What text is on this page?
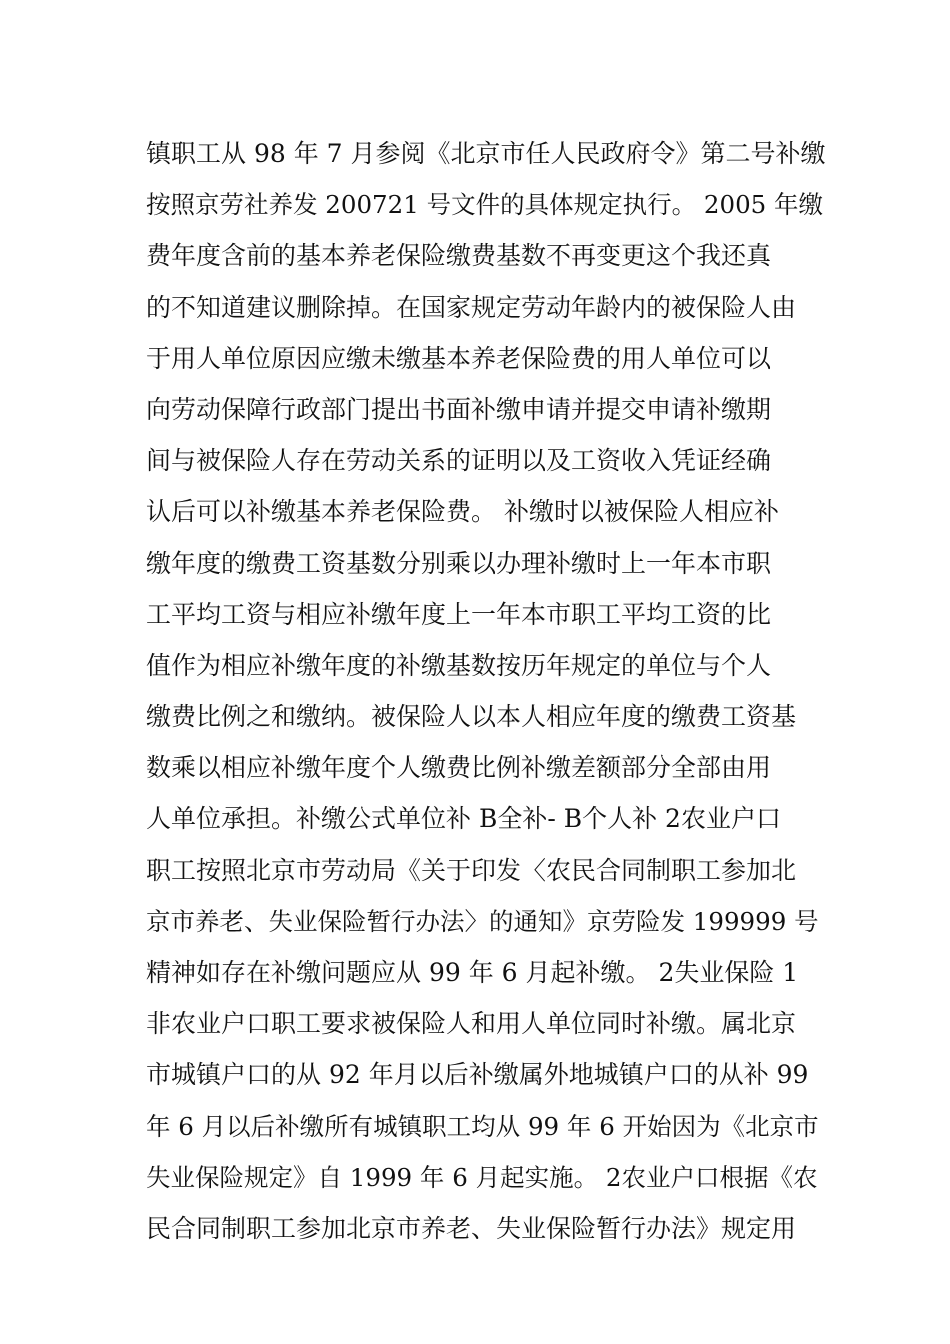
镇职工从 98 年 7 月参阅《北京市任人民政府令》第二号补缴
按照京劳社养发 200721 号文件的具体规定执行。 2005 年缴
费年度含前的基本养老保险缴费基数不再变更这个我还真
的不知道建议删除掉。在国家规定劳动年龄内的被保险人由
于用人单位原因应缴未缴基本养老保险费的用人单位可以
向劳动保障行政部门提出书面补缴申请并提交申请补缴期
间与被保险人存在劳动关系的证明以及工资收入凭证经确
认后可以补缴基本养老保险费。 补缴时以被保险人相应补
缴年度的缴费工资基数分别乘以办理补缴时上一年本市职
工平均工资与相应补缴年度上一年本市职工平均工资的比
值作为相应补缴年度的补缴基数按历年规定的单位与个人
缴费比例之和缴纳。被保险人以本人相应年度的缴费工资基
数乘以相应补缴年度个人缴费比例补缴差额部分全部由用
人单位承担。补缴公式单位补 B全补- B个人补 2农业户口
职工按照北京市劳动局《关于印发〈农民合同制职工参加北
京市养老、失业保险暂行办法〉的通知》京劳险发 199999 号
精神如存在补缴问题应从 99 年 6 月起补缴。 2失业保险 1
非农业户口职工要求被保险人和用人单位同时补缴。属北京
市城镇户口的从 92 年月以后补缴属外地城镇户口的从补 99
年 6 月以后补缴所有城镇职工均从 99 年 6 开始因为《北京市
失业保险规定》自 1999 年 6 月起实施。 2农业户口根据《农
民合同制职工参加北京市养老、失业保险暂行办法》规定用
